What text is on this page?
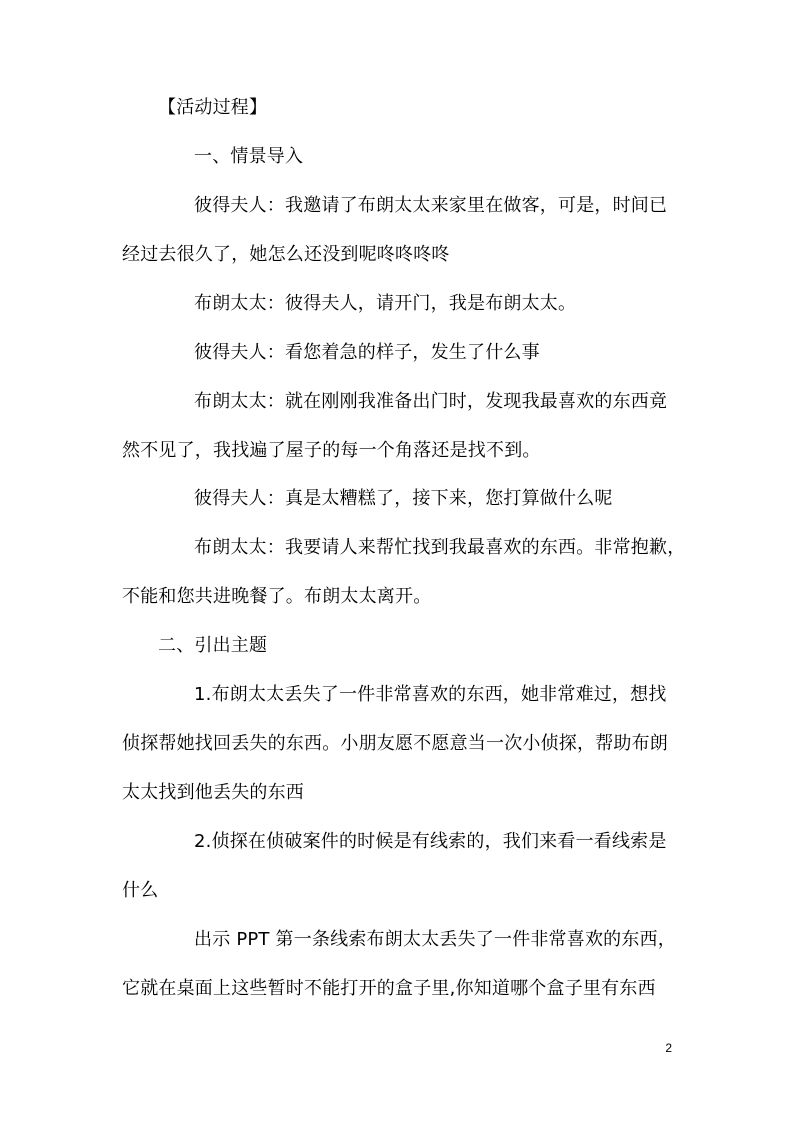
【活动过程】
一、情景导入
彼得夫人：我邀请了布朗太太来家里在做客，可是，时间已
经过去很久了，她怎么还没到呢咚咚咚咚
布朗太太：彼得夫人，请开门，我是布朗太太。
彼得夫人：看您着急的样子，发生了什么事
布朗太太：就在刚刚我准备出门时，发现我最喜欢的东西竟
然不见了，我找遍了屋子的每一个角落还是找不到。
彼得夫人：真是太糟糕了，接下来，您打算做什么呢
布朗太太：我要请人来帮忙找到我最喜欢的东西。非常抱歉，
不能和您共进晚餐了。布朗太太离开。
二、引出主题
1.布朗太太丢失了一件非常喜欢的东西，她非常难过，想找
侦探帮她找回丢失的东西。小朋友愿不愿意当一次小侦探，帮助布朗
太太找到他丢失的东西
2.侦探在侦破案件的时候是有线索的，我们来看一看线索是
什么
出示 PPT 第一条线索布朗太太丢失了一件非常喜欢的东西，
它就在桌面上这些暂时不能打开的盒子里,你知道哪个盒子里有东西
2
